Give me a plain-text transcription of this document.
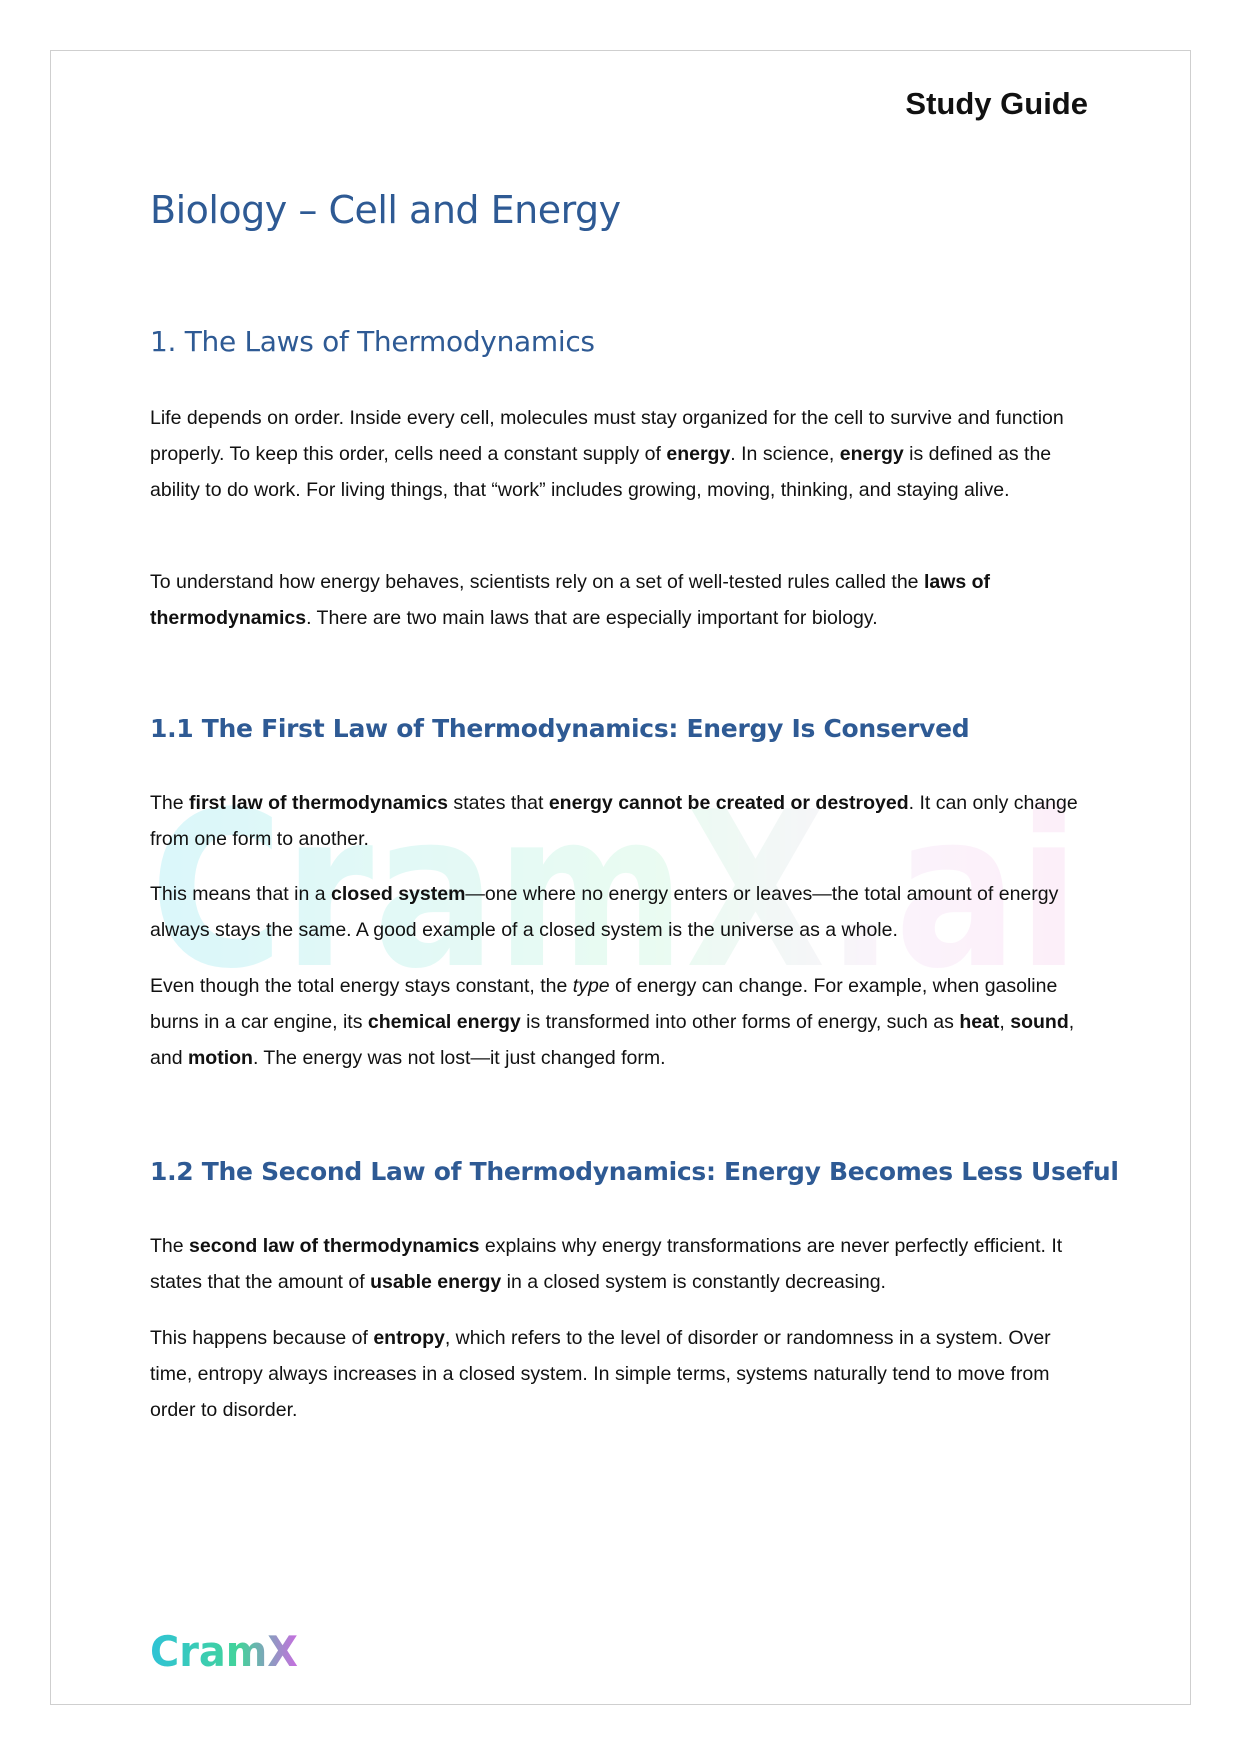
CramX.ai
Study Guide
Biology – Cell and Energy
1. The Laws of Thermodynamics

Life depends on order. Inside every cell, molecules must stay organized for the cell to survive and function properly. To keep this order, cells need a constant supply of energy. In science, energy is defined as the ability to do work. For living things, that “work” includes growing, moving, thinking, and staying alive.

To understand how energy behaves, scientists rely on a set of well-tested rules called the laws of thermodynamics. There are two main laws that are especially important for biology.

1.1 The First Law of Thermodynamics: Energy Is Conserved

The first law of thermodynamics states that energy cannot be created or destroyed. It can only change from one form to another.

This means that in a closed system—one where no energy enters or leaves—the total amount of energy always stays the same. A good example of a closed system is the universe as a whole.

Even though the total energy stays constant, the type of energy can change. For example, when gasoline burns in a car engine, its chemical energy is transformed into other forms of energy, such as heat, sound, and motion. The energy was not lost—it just changed form.

1.2 The Second Law of Thermodynamics: Energy Becomes Less Useful

The second law of thermodynamics explains why energy transformations are never perfectly efficient. It states that the amount of usable energy in a closed system is constantly decreasing.

This happens because of entropy, which refers to the level of disorder or randomness in a system. Over time, entropy always increases in a closed system. In simple terms, systems naturally tend to move from order to disorder.

CramX
